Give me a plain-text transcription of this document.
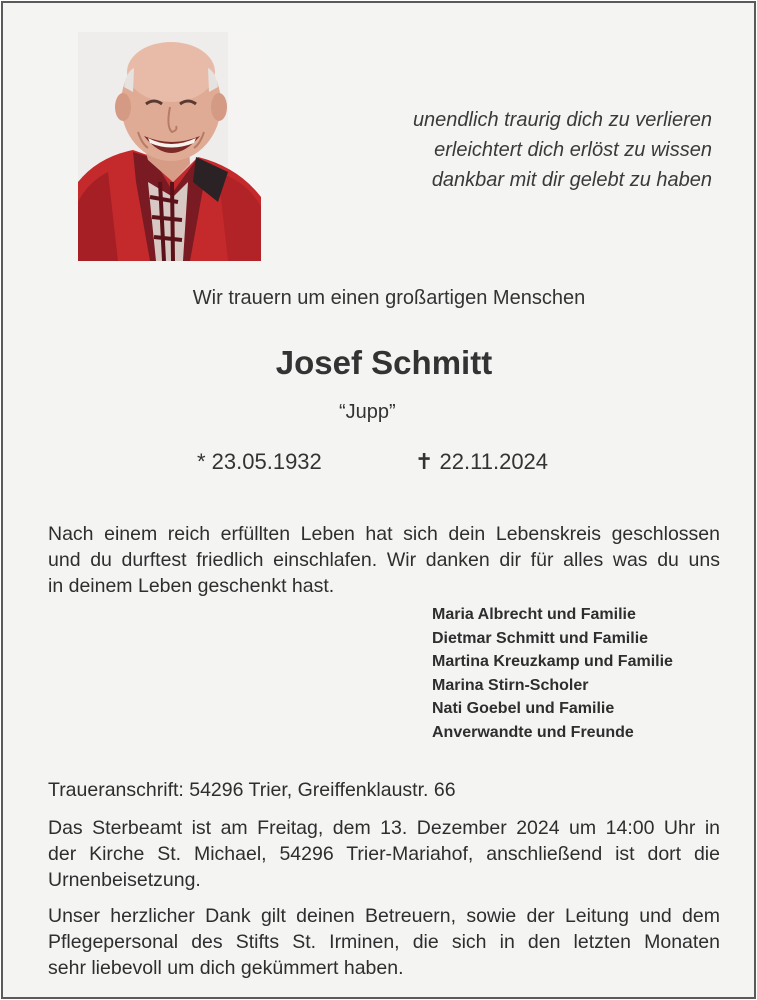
unendlich traurig dich zu verlieren
erleichtert dich erlöst zu wissen
dankbar mit dir gelebt zu haben
Wir trauern um einen großartigen Menschen
Josef Schmitt
“Jupp”
* 23.05.1932	✝ 22.11.2024
Nach einem reich erfüllten Leben hat sich dein Lebenskreis geschlossen
und du durftest friedlich einschlafen. Wir danken dir für alles was du uns
in deinem Leben geschenkt hast.
Maria Albrecht und Familie
Dietmar Schmitt und Familie
Martina Kreuzkamp und Familie
Marina Stirn-Scholer
Nati Goebel und Familie
Anverwandte und Freunde
Traueranschrift: 54296 Trier, Greiffenklaustr. 66
Das Sterbeamt ist am Freitag, dem 13. Dezember 2024 um 14:00 Uhr in
der Kirche St. Michael, 54296 Trier-Mariahof, anschließend ist dort die
Urnenbeisetzung.
Unser herzlicher Dank gilt deinen Betreuern, sowie der Leitung und dem
Pflegepersonal des Stifts St. Irminen, die sich in den letzten Monaten
sehr liebevoll um dich gekümmert haben.
